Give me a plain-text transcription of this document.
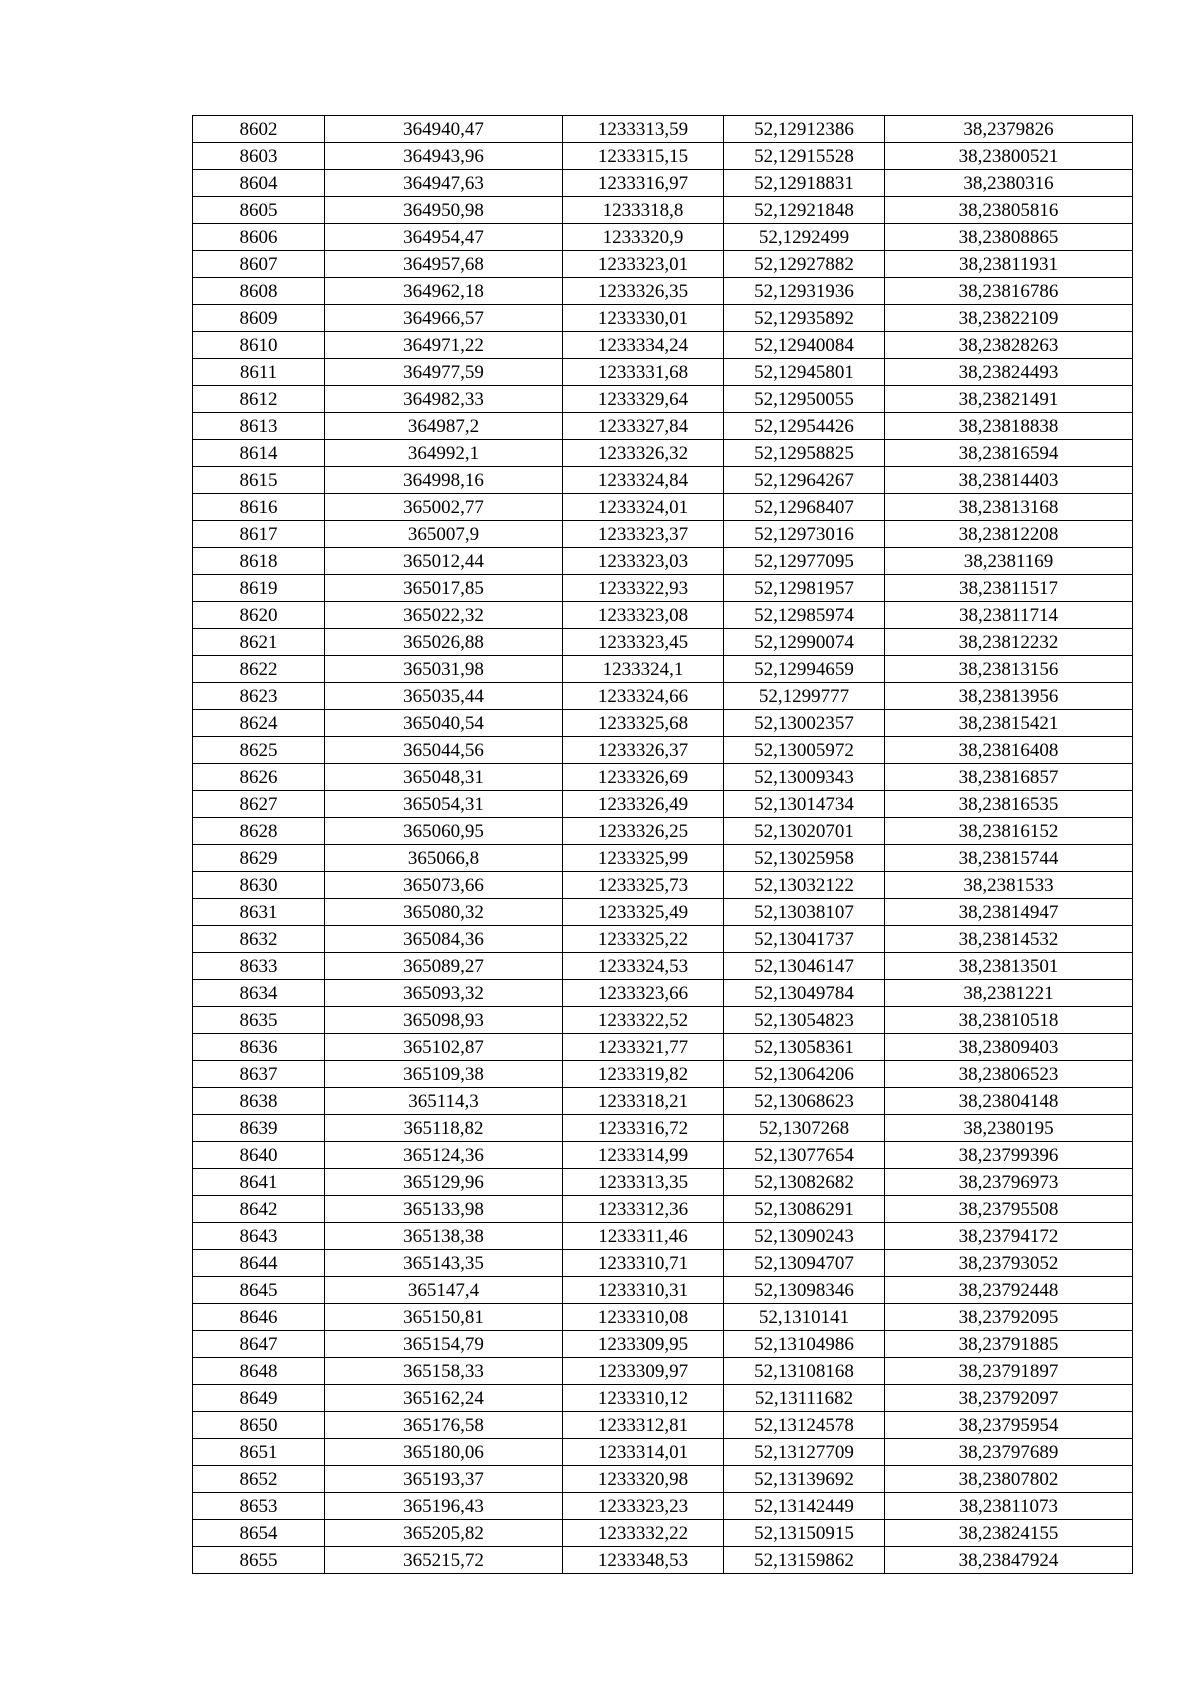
8602	364940,47	1233313,59	52,12912386	38,2379826
8603	364943,96	1233315,15	52,12915528	38,23800521
8604	364947,63	1233316,97	52,12918831	38,2380316
8605	364950,98	1233318,8	52,12921848	38,23805816
8606	364954,47	1233320,9	52,1292499	38,23808865
8607	364957,68	1233323,01	52,12927882	38,23811931
8608	364962,18	1233326,35	52,12931936	38,23816786
8609	364966,57	1233330,01	52,12935892	38,23822109
8610	364971,22	1233334,24	52,12940084	38,23828263
8611	364977,59	1233331,68	52,12945801	38,23824493
8612	364982,33	1233329,64	52,12950055	38,23821491
8613	364987,2	1233327,84	52,12954426	38,23818838
8614	364992,1	1233326,32	52,12958825	38,23816594
8615	364998,16	1233324,84	52,12964267	38,23814403
8616	365002,77	1233324,01	52,12968407	38,23813168
8617	365007,9	1233323,37	52,12973016	38,23812208
8618	365012,44	1233323,03	52,12977095	38,2381169
8619	365017,85	1233322,93	52,12981957	38,23811517
8620	365022,32	1233323,08	52,12985974	38,23811714
8621	365026,88	1233323,45	52,12990074	38,23812232
8622	365031,98	1233324,1	52,12994659	38,23813156
8623	365035,44	1233324,66	52,1299777	38,23813956
8624	365040,54	1233325,68	52,13002357	38,23815421
8625	365044,56	1233326,37	52,13005972	38,23816408
8626	365048,31	1233326,69	52,13009343	38,23816857
8627	365054,31	1233326,49	52,13014734	38,23816535
8628	365060,95	1233326,25	52,13020701	38,23816152
8629	365066,8	1233325,99	52,13025958	38,23815744
8630	365073,66	1233325,73	52,13032122	38,2381533
8631	365080,32	1233325,49	52,13038107	38,23814947
8632	365084,36	1233325,22	52,13041737	38,23814532
8633	365089,27	1233324,53	52,13046147	38,23813501
8634	365093,32	1233323,66	52,13049784	38,2381221
8635	365098,93	1233322,52	52,13054823	38,23810518
8636	365102,87	1233321,77	52,13058361	38,23809403
8637	365109,38	1233319,82	52,13064206	38,23806523
8638	365114,3	1233318,21	52,13068623	38,23804148
8639	365118,82	1233316,72	52,1307268	38,2380195
8640	365124,36	1233314,99	52,13077654	38,23799396
8641	365129,96	1233313,35	52,13082682	38,23796973
8642	365133,98	1233312,36	52,13086291	38,23795508
8643	365138,38	1233311,46	52,13090243	38,23794172
8644	365143,35	1233310,71	52,13094707	38,23793052
8645	365147,4	1233310,31	52,13098346	38,23792448
8646	365150,81	1233310,08	52,1310141	38,23792095
8647	365154,79	1233309,95	52,13104986	38,23791885
8648	365158,33	1233309,97	52,13108168	38,23791897
8649	365162,24	1233310,12	52,13111682	38,23792097
8650	365176,58	1233312,81	52,13124578	38,23795954
8651	365180,06	1233314,01	52,13127709	38,23797689
8652	365193,37	1233320,98	52,13139692	38,23807802
8653	365196,43	1233323,23	52,13142449	38,23811073
8654	365205,82	1233332,22	52,13150915	38,23824155
8655	365215,72	1233348,53	52,13159862	38,23847924
